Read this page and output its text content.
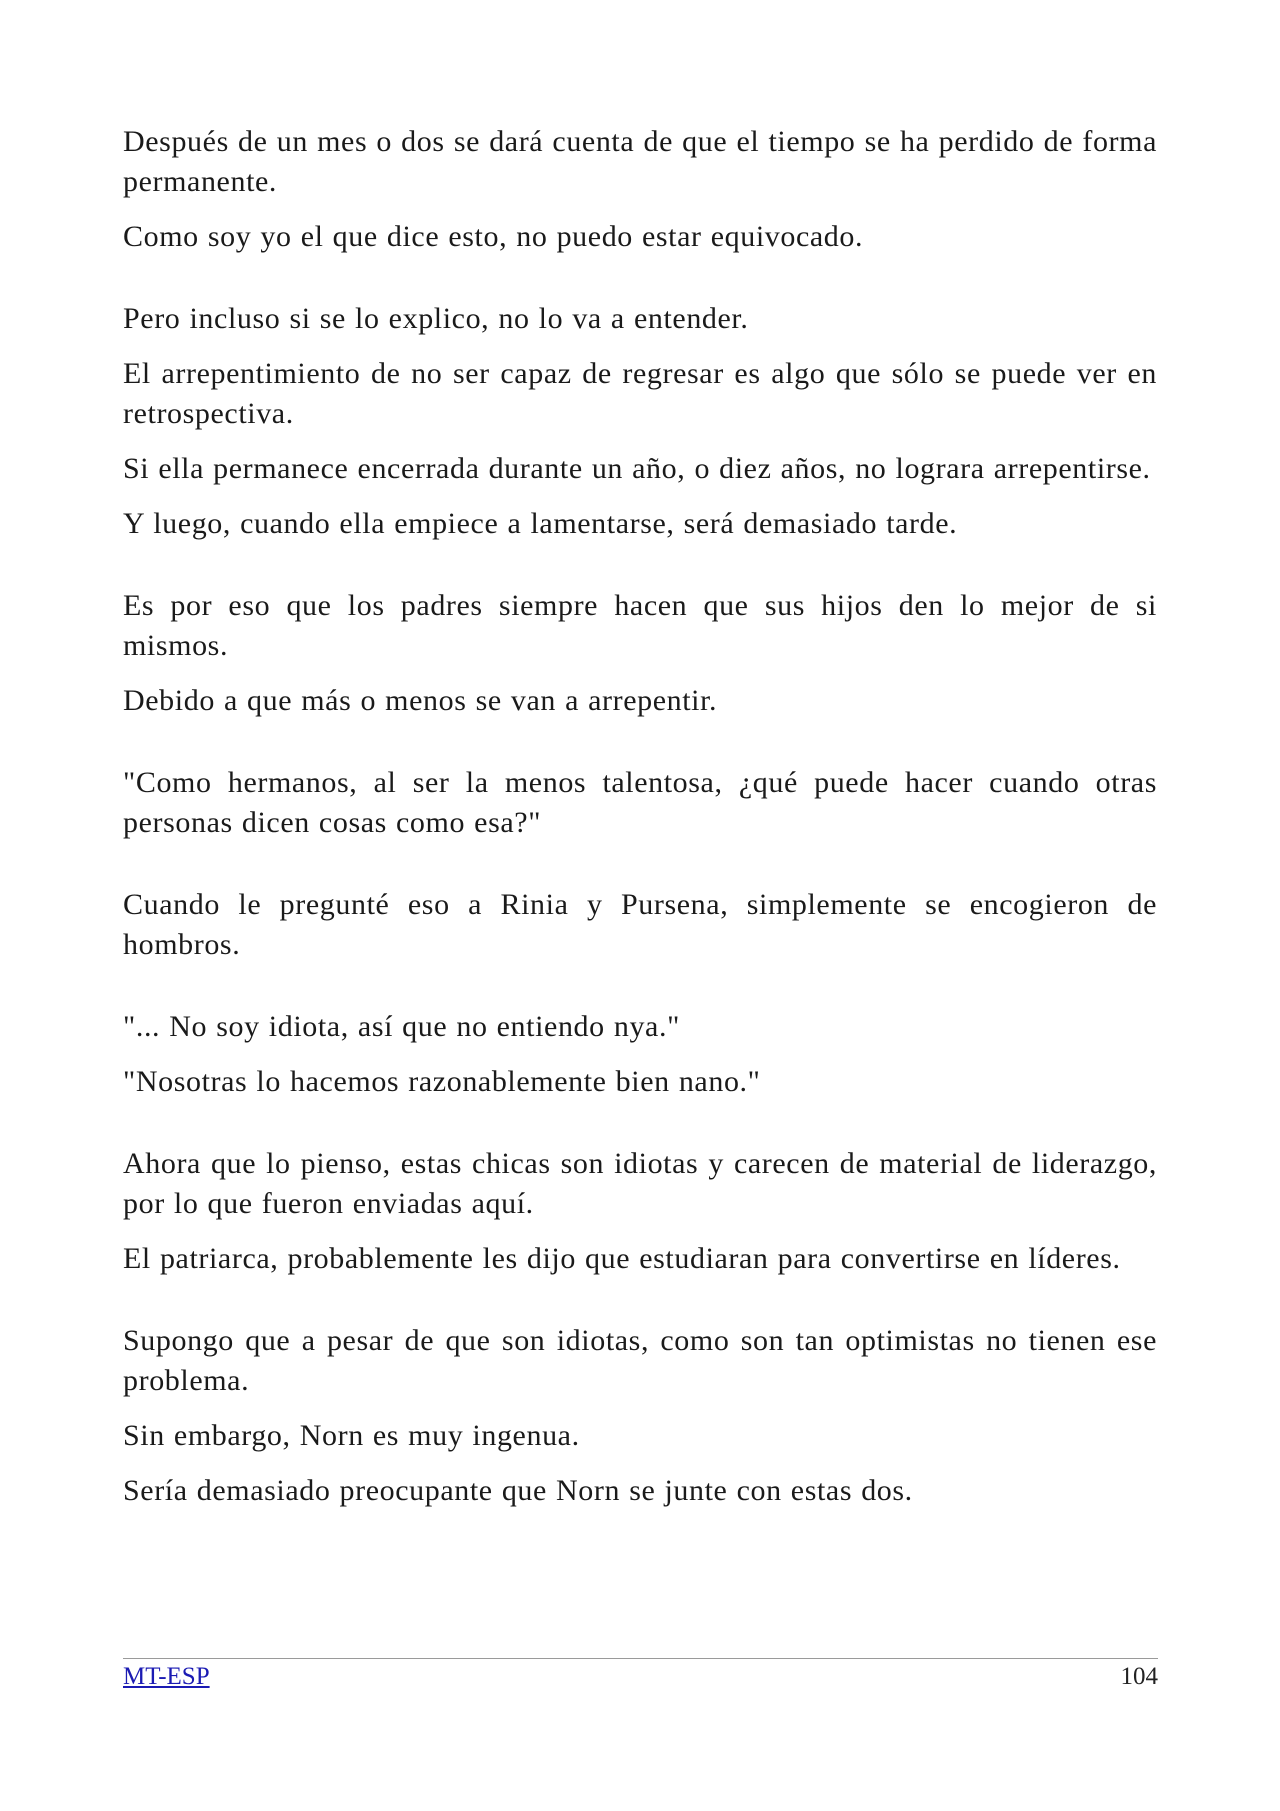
Después de un mes o dos se dará cuenta de que el tiempo se ha perdido de forma permanente.

Como soy yo el que dice esto, no puedo estar equivocado.

Pero incluso si se lo explico, no lo va a entender.

El arrepentimiento de no ser capaz de regresar es algo que sólo se puede ver en retrospectiva.

Si ella permanece encerrada durante un año, o diez años, no lograra arrepentirse.

Y luego, cuando ella empiece a lamentarse, será demasiado tarde.

Es por eso que los padres siempre hacen que sus hijos den lo mejor de si mismos.

Debido a que más o menos se van a arrepentir.

"Como hermanos, al ser la menos talentosa, ¿qué puede hacer cuando otras personas dicen cosas como esa?"

Cuando le pregunté eso a Rinia y Pursena, simplemente se encogieron de hombros.

"... No soy idiota, así que no entiendo nya."

"Nosotras lo hacemos razonablemente bien nano."

Ahora que lo pienso, estas chicas son idiotas y carecen de material de liderazgo, por lo que fueron enviadas aquí.

El patriarca, probablemente les dijo que estudiaran para convertirse en líderes.

Supongo que a pesar de que son idiotas, como son tan optimistas no tienen ese problema.

Sin embargo, Norn es muy ingenua.

Sería demasiado preocupante que Norn se junte con estas dos.

MT-ESP	104
